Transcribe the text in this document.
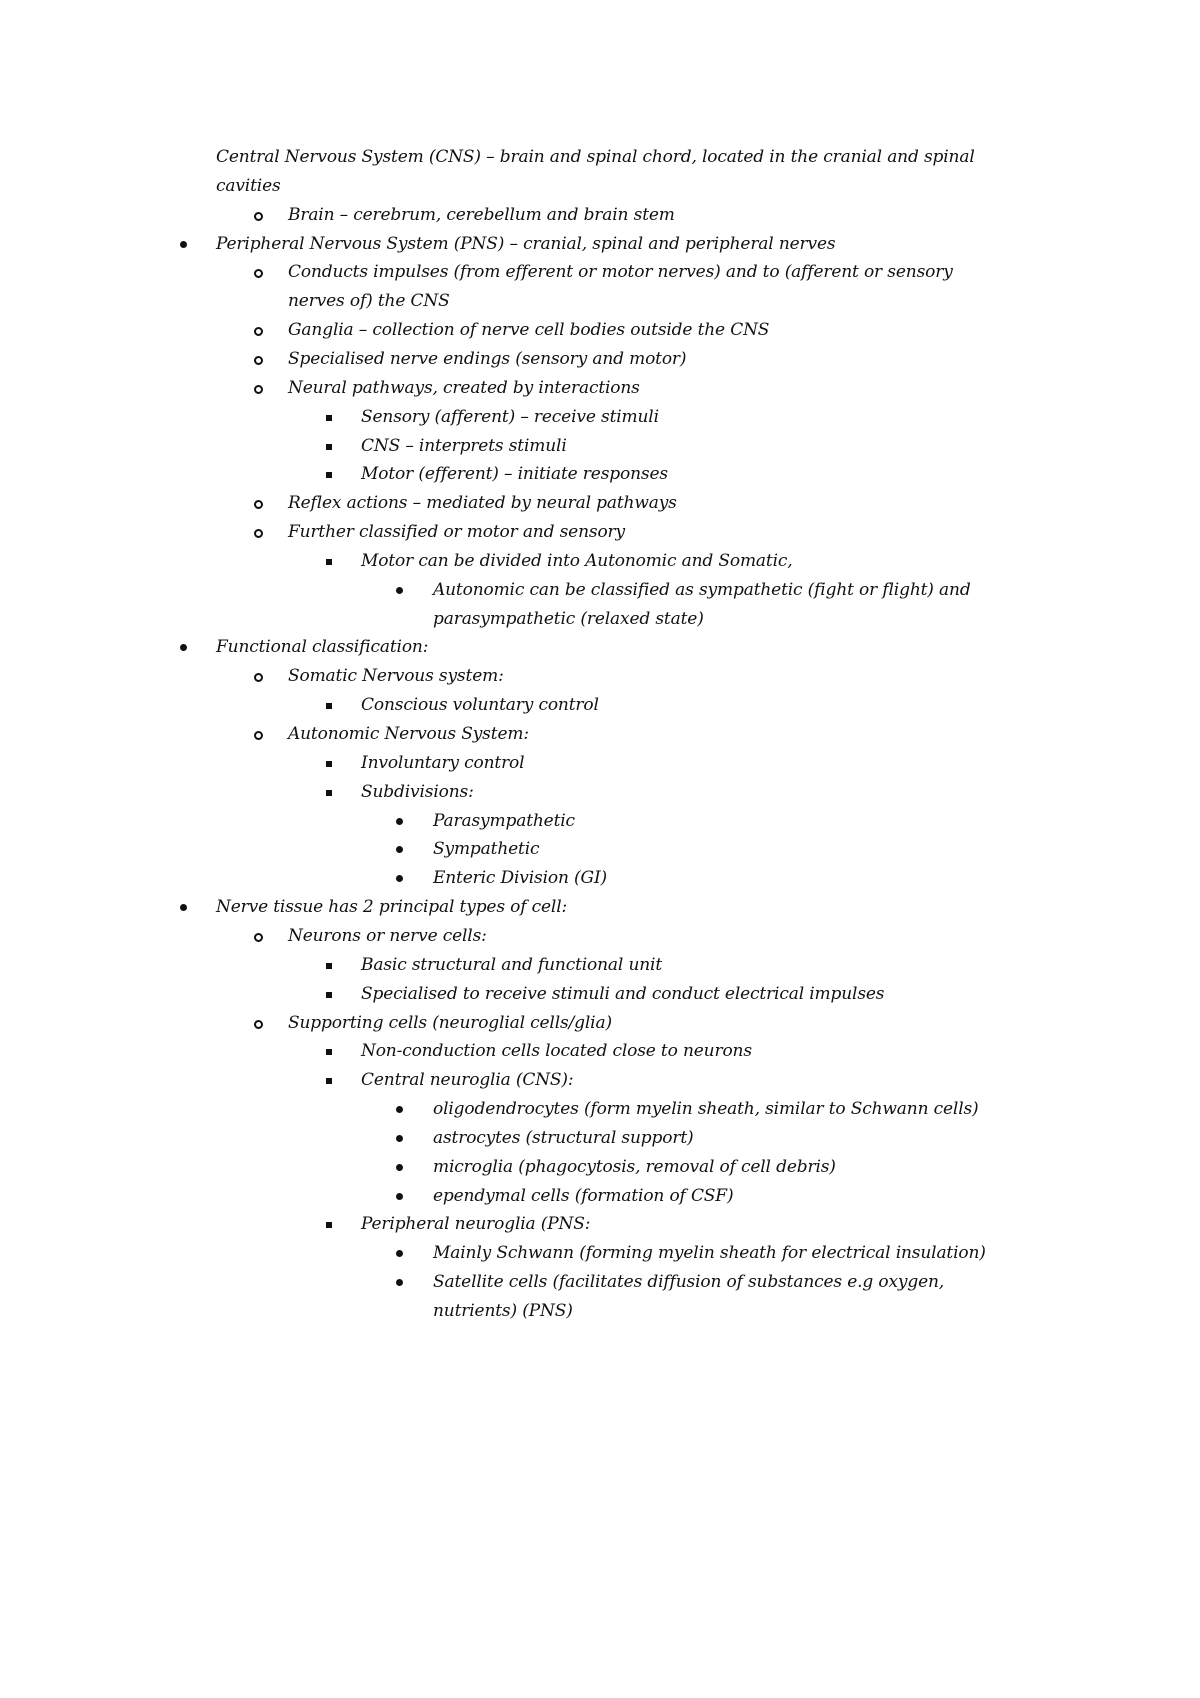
Central Nervous System (CNS) – brain and spinal chord, located in the cranial and spinal
cavities
Brain – cerebrum, cerebellum and brain stem
Peripheral Nervous System (PNS) – cranial, spinal and peripheral nerves
Conducts impulses (from efferent or motor nerves) and to (afferent or sensory
nerves of) the CNS
Ganglia – collection of nerve cell bodies outside the CNS
Specialised nerve endings (sensory and motor)
Neural pathways, created by interactions
Sensory (afferent) – receive stimuli
CNS – interprets stimuli
Motor (efferent) – initiate responses
Reflex actions – mediated by neural pathways
Further classified or motor and sensory
Motor can be divided into Autonomic and Somatic,
Autonomic can be classified as sympathetic (fight or flight) and
parasympathetic (relaxed state)
Functional classification:
Somatic Nervous system:
Conscious voluntary control
Autonomic Nervous System:
Involuntary control
Subdivisions:
Parasympathetic
Sympathetic
Enteric Division (GI)
Nerve tissue has 2 principal types of cell:
Neurons or nerve cells:
Basic structural and functional unit
Specialised to receive stimuli and conduct electrical impulses
Supporting cells (neuroglial cells/glia)
Non-conduction cells located close to neurons
Central neuroglia (CNS):
oligodendrocytes (form myelin sheath, similar to Schwann cells)
astrocytes (structural support)
microglia (phagocytosis, removal of cell debris)
ependymal cells (formation of CSF)
Peripheral neuroglia (PNS:
Mainly Schwann (forming myelin sheath for electrical insulation)
Satellite cells (facilitates diffusion of substances e.g oxygen,
nutrients) (PNS)
